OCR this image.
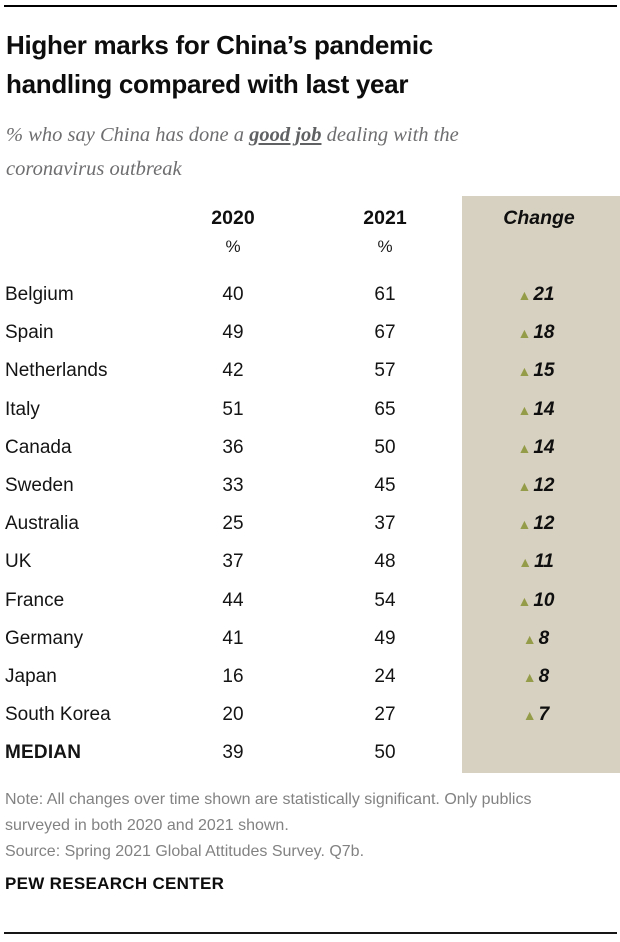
Higher marks for China’s pandemic
handling compared with last year
% who say China has done a good job dealing with the coronavirus outbreak
2020	2021	Change
%	%
Belgium	40	61	▲ 21
Spain	49	67	▲ 18
Netherlands	42	57	▲ 15
Italy	51	65	▲ 14
Canada	36	50	▲ 14
Sweden	33	45	▲ 12
Australia	25	37	▲ 12
UK	37	48	▲ 11
France	44	54	▲ 10
Germany	41	49	▲ 8
Japan	16	24	▲ 8
South Korea	20	27	▲ 7
MEDIAN	39	50
Note: All changes over time shown are statistically significant. Only publics surveyed in both 2020 and 2021 shown.
Source: Spring 2021 Global Attitudes Survey. Q7b.
PEW RESEARCH CENTER
